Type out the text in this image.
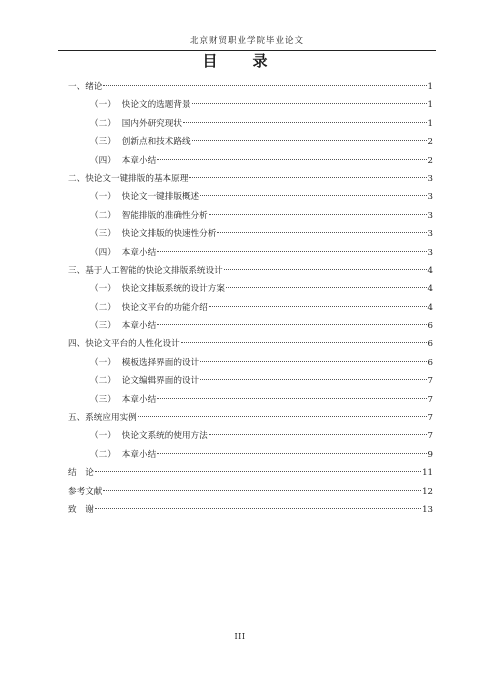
北京财贸职业学院毕业论文
目　录
一、绪论	1
（一） 快论文的选题背景	1
（二） 国内外研究现状	1
（三） 创新点和技术路线	2
（四） 本章小结	2
二、快论文一键排版的基本原理	3
（一） 快论文一键排版概述	3
（二） 智能排版的准确性分析	3
（三） 快论文排版的快速性分析	3
（四） 本章小结	3
三、基于人工智能的快论文排版系统设计	4
（一） 快论文排版系统的设计方案	4
（二） 快论文平台的功能介绍	4
（三） 本章小结	6
四、快论文平台的人性化设计	6
（一） 模板选择界面的设计	6
（二） 论文编辑界面的设计	7
（三） 本章小结	7
五、系统应用实例	7
（一） 快论文系统的使用方法	7
（二） 本章小结	9
结　论	11
参考文献	12
致　谢	13
III
